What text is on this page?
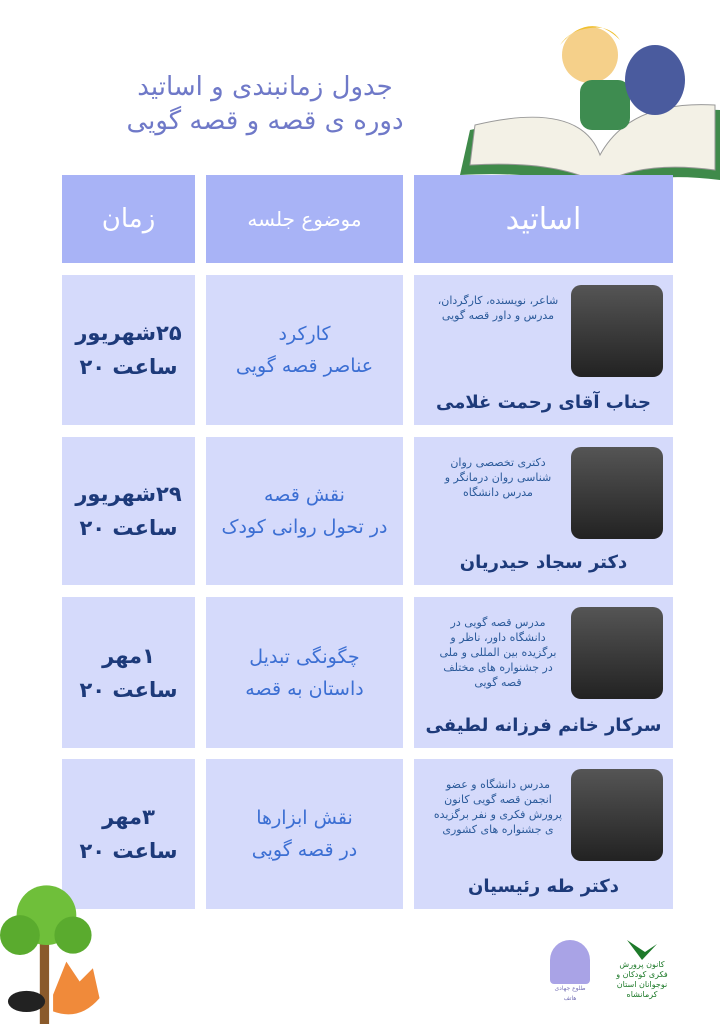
جدول زمانبندی و اساتید
دوره ی قصه و قصه گویی
زمان	موضوع جلسه	اساتید
۲۵شهریور
ساعت ۲۰
کارکرد
عناصر قصه گویی
شاعر، نویسنده، کارگردان، مدرس و داور قصه گویی
جناب آقای رحمت غلامی
۲۹شهریور
ساعت ۲۰
نقش قصه
در تحول روانی کودک
دکتری تخصصی روان شناسی روان درمانگر و مدرس دانشگاه
دکتر سجاد حیدریان
۱مهر
ساعت ۲۰
چگونگی تبدیل
داستان به قصه
مدرس قصه گویی در دانشگاه داور، ناظر و برگزیده بین المللی و ملی در جشنواره های مختلف قصه گویی
سرکار خانم فرزانه لطیفی
۳مهر
ساعت ۲۰
نقش ابزارها
در قصه گویی
مدرس دانشگاه و عضو انجمن قصه گویی کانون پرورش فکری و نفر برگزیده ی جشنواره های کشوری
دکتر طه رئیسیان
طلوع جهادی هاتف
کانون پرورش فکری کودکان و نوجوانان استان کرمانشاه
